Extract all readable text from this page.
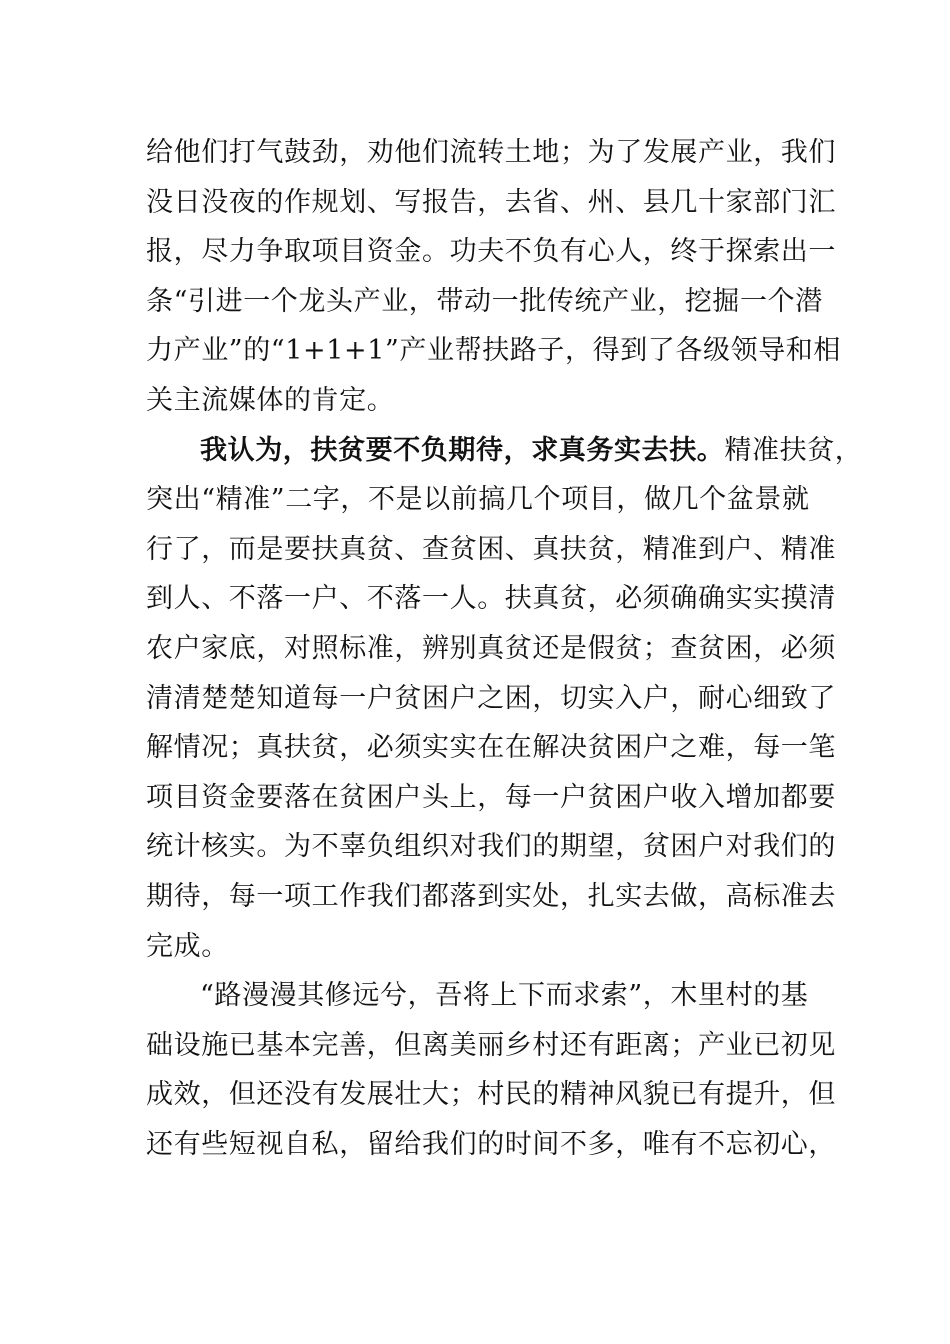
给他们打气鼓劲，劝他们流转土地；为了发展产业，我们
没日没夜的作规划、写报告，去省、州、县几十家部门汇
报，尽力争取项目资金。功夫不负有心人，终于探索出一
条“引进一个龙头产业，带动一批传统产业，挖掘一个潜
力产业”的“1+1+1”产业帮扶路子，得到了各级领导和相
关主流媒体的肯定。
我认为，扶贫要不负期待，求真务实去扶。精准扶贫，
突出“精准”二字，不是以前搞几个项目，做几个盆景就
行了，而是要扶真贫、查贫困、真扶贫，精准到户、精准
到人、不落一户、不落一人。扶真贫，必须确确实实摸清
农户家底，对照标准，辨别真贫还是假贫；查贫困，必须
清清楚楚知道每一户贫困户之困，切实入户，耐心细致了
解情况；真扶贫，必须实实在在解决贫困户之难，每一笔
项目资金要落在贫困户头上，每一户贫困户收入增加都要
统计核实。为不辜负组织对我们的期望，贫困户对我们的
期待，每一项工作我们都落到实处，扎实去做，高标准去
完成。
“路漫漫其修远兮，吾将上下而求索”，木里村的基
础设施已基本完善，但离美丽乡村还有距离；产业已初见
成效，但还没有发展壮大；村民的精神风貌已有提升，但
还有些短视自私，留给我们的时间不多，唯有不忘初心，
